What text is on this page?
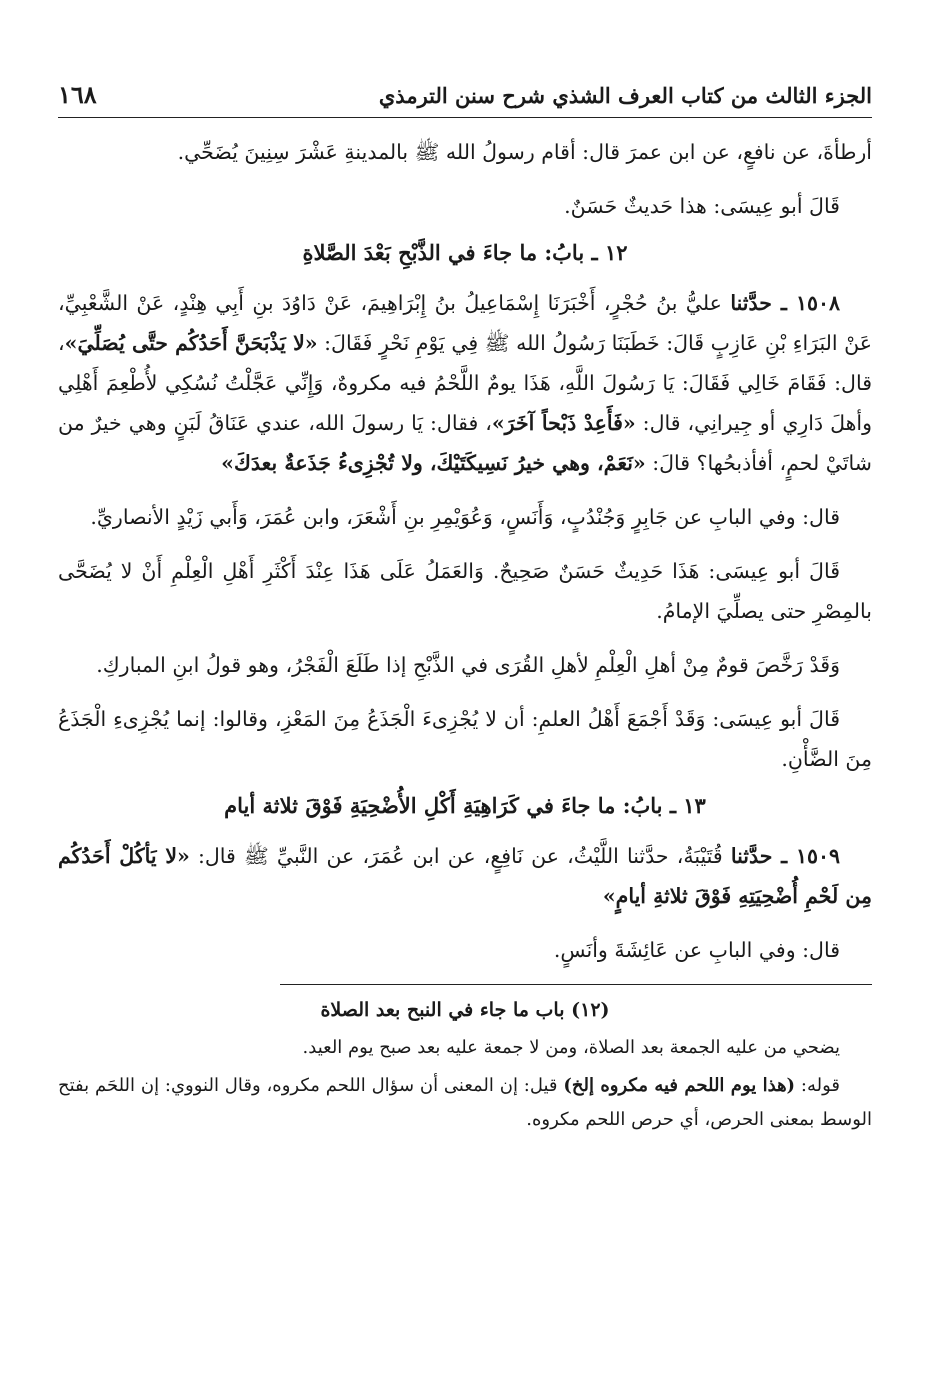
الجزء الثالث من كتاب العرف الشذي شرح سنن الترمذي
١٦٨

أرطأةَ، عن نافعٍ، عن ابن عمرَ قال: أقام رسولُ الله ﷺ بالمدينةِ عَشْرَ سِنِينَ يُضَحِّي.

قَالَ أبو عِيسَى: هذا حَديثٌ حَسَنٌ.

١٢ ـ بابُ: ما جاءَ في الذَّبْحِ بَعْدَ الصَّلاةِ

١٥٠٨ ـ حدَّثنا عليُّ بنُ حُجْرٍ، أَخْبَرَنَا إِسْمَاعِيلُ بنُ إِبْرَاهِيمَ، عَنْ دَاوُدَ بنِ أَبِي هِنْدٍ، عَنْ الشَّعْبِيِّ، عَنْ البَرَاءِ بْنِ عَازِبٍ قَالَ: خَطَبَنَا رَسُولُ الله ﷺ فِي يَوْمِ نَحْرٍ فَقَالَ: «لا يَذْبَحَنَّ أَحَدُكُم حتَّى يُصَلِّيَ»، قال: فَقَامَ خَالِي فَقَالَ: يَا رَسُولَ اللَّهِ، هَذَا يومٌ اللَّحْمُ فيه مكروهٌ، وَإِنِّي عَجَّلْتُ نُسُكِي لأُطْعِمَ أَهْلِي وأهلَ دَارِي أو جِيرانِي، قال: «فَأَعِدْ ذَبْحاً آخَرَ»، فقال: يَا رسولَ الله، عندي عَنَاقُ لَبَنٍ وهي خيرٌ من شاتَيْ لحمٍ، أفأذبحُها؟ قالَ: «نَعَمْ، وهي خيرُ نَسِيكَتَيْكَ، ولا تُجْزِىءُ جَذَعةٌ بعدَكَ»

قال: وفي البابِ عن جَابِرٍ وَجُنْدُبٍ، وَأَنَسٍ، وَعُوَيْمِرِ بنِ أَشْعَرَ، وابن عُمَرَ، وَأَبي زَيْدٍ الأنصاريِّ.

قَالَ أبو عِيسَى: هَذَا حَدِيثٌ حَسَنٌ صَحِيحٌ. وَالعَمَلُ عَلَى هَذَا عِنْدَ أَكْثَرِ أَهْلِ الْعِلْمِ أَنْ لا يُضَحَّى بالمِصْرِ حتى يصلِّيَ الإمامُ.

وَقَدْ رَخَّصَ قومٌ مِنْ أهلِ الْعِلْمِ لأهلِ القُرَى في الذَّبْحِ إذا طَلَعَ الْفَجْرُ، وهو قولُ ابنِ المباركِ.

قَالَ أبو عِيسَى: وَقَدْ أَجْمَعَ أَهْلُ العلمِ: أن لا يُجْزِىءَ الْجَذَعُ مِنَ المَعْزِ، وقالوا: إنما يُجْزِىءِ الْجَذَعُ مِنَ الضَّأْنِ.

١٣ ـ بابُ: ما جاءَ في كَرَاهِيَةِ أَكْلِ الأُضْحِيَةِ فَوْقَ ثلاثة أيام

١٥٠٩ ـ حدَّثنا قُتَيْبَةُ، حدَّثنا اللَّيْثُ، عن نَافِعٍ، عن ابن عُمَرَ، عن النَّبيِّ ﷺ قال: «لا يَأكُلْ أَحَدُكُم مِن لَحْمِ أُضْحِيَتِهِ فَوْقَ ثلاثةِ أيامٍ»

قال: وفي البابِ عن عَائِشَةَ وأنَسٍ.

(١٢) باب ما جاء في النبح بعد الصلاة

يضحي من عليه الجمعة بعد الصلاة، ومن لا جمعة عليه بعد صبح يوم العيد.

قوله: (هذا يوم اللحم فيه مكروه إلخ) قيل: إن المعنى أن سؤال اللحم مكروه، وقال النووي: إن اللحَم بفتح الوسط بمعنى الحرص، أي حرص اللحم مكروه.
